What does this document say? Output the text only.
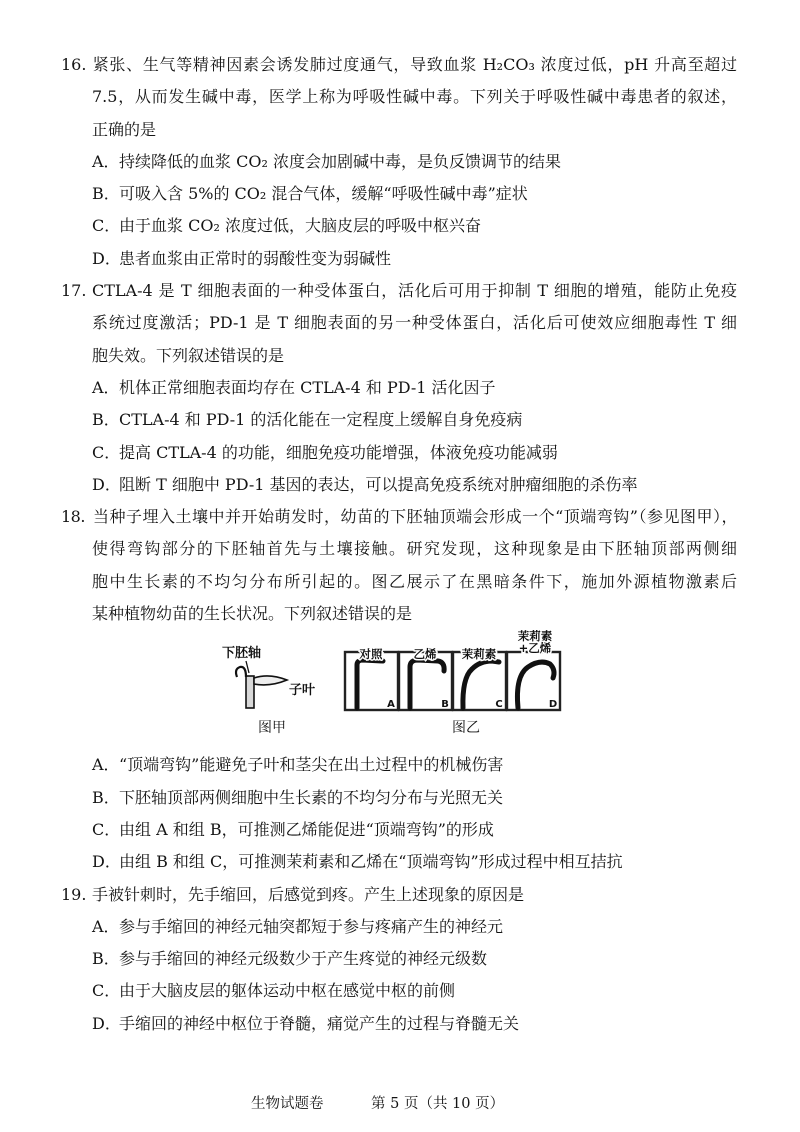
16. 紧张、生气等精神因素会诱发肺过度通气，导致血浆 H₂CO₃ 浓度过低，pH 升高至超过
7.5，从而发生碱中毒，医学上称为呼吸性碱中毒。下列关于呼吸性碱中毒患者的叙述，
正确的是
A．持续降低的血浆 CO₂ 浓度会加剧碱中毒，是负反馈调节的结果
B．可吸入含 5%的 CO₂ 混合气体，缓解“呼吸性碱中毒”症状
C．由于血浆 CO₂ 浓度过低，大脑皮层的呼吸中枢兴奋
D．患者血浆由正常时的弱酸性变为弱碱性
17. CTLA-4 是 T 细胞表面的一种受体蛋白，活化后可用于抑制 T 细胞的增殖，能防止免疫
系统过度激活；PD-1 是 T 细胞表面的另一种受体蛋白，活化后可使效应细胞毒性 T 细
胞失效。下列叙述错误的是
A．机体正常细胞表面均存在 CTLA-4 和 PD-1 活化因子
B．CTLA-4 和 PD-1 的活化能在一定程度上缓解自身免疫病
C．提高 CTLA-4 的功能，细胞免疫功能增强，体液免疫功能减弱
D．阻断 T 细胞中 PD-1 基因的表达，可以提高免疫系统对肿瘤细胞的杀伤率
18. 当种子埋入土壤中并开始萌发时，幼苗的下胚轴顶端会形成一个“顶端弯钩”（参见图甲），
使得弯钩部分的下胚轴首先与土壤接触。研究发现，这种现象是由下胚轴顶部两侧细
胞中生长素的不均匀分布所引起的。图乙展示了在黑暗条件下，施加外源植物激素后
某种植物幼苗的生长状况。下列叙述错误的是
下胚轴
子叶
图甲
对照
A
乙烯
B
茉莉素
C
茉莉素
+乙烯
D
图乙
A．“顶端弯钩”能避免子叶和茎尖在出土过程中的机械伤害
B．下胚轴顶部两侧细胞中生长素的不均匀分布与光照无关
C．由组 A 和组 B，可推测乙烯能促进“顶端弯钩”的形成
D．由组 B 和组 C，可推测茉莉素和乙烯在“顶端弯钩”形成过程中相互拮抗
19. 手被针刺时，先手缩回，后感觉到疼。产生上述现象的原因是
A．参与手缩回的神经元轴突都短于参与疼痛产生的神经元
B．参与手缩回的神经元级数少于产生疼觉的神经元级数
C．由于大脑皮层的躯体运动中枢在感觉中枢的前侧
D．手缩回的神经中枢位于脊髓，痛觉产生的过程与脊髓无关
生物试题卷	第 5 页（共 10 页）
